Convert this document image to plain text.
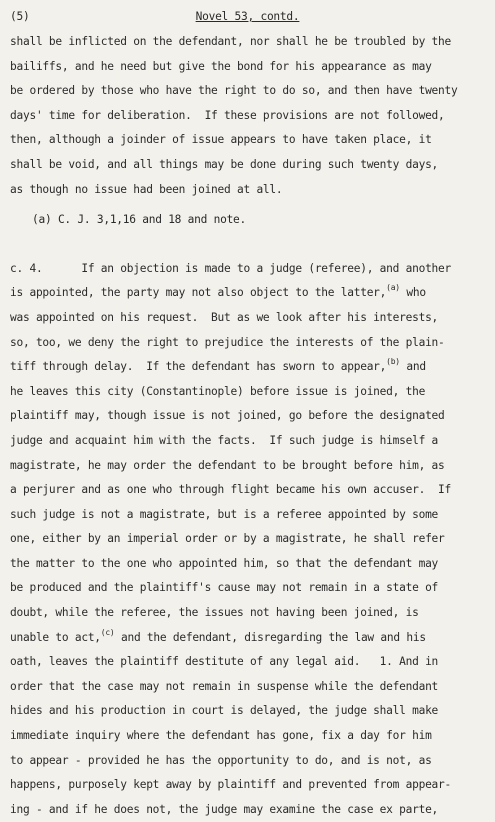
(5)	Novel 53, contd.
shall be inflicted on the defendant, nor shall he be troubled by the
bailiffs, and he need but give the bond for his appearance as may
be ordered by those who have the right to do so, and then have twenty
days' time for deliberation.  If these provisions are not followed,
then, although a joinder of issue appears to have taken place, it
shall be void, and all things may be done during such twenty days,
as though no issue had been joined at all.
(a) C. J. 3,1,16 and 18 and note.
c. 4.      If an objection is made to a judge (referee), and another
is appointed, the party may not also object to the latter,$^{(a)}$ who
was appointed on his request.  But as we look after his interests,
so, too, we deny the right to prejudice the interests of the plain-
tiff through delay.  If the defendant has sworn to appear,$^{(b)}$ and
he leaves this city (Constantinople) before issue is joined, the
plaintiff may, though issue is not joined, go before the designated
judge and acquaint him with the facts.  If such judge is himself a
magistrate, he may order the defendant to be brought before him, as
a perjurer and as one who through flight became his own accuser.  If
such judge is not a magistrate, but is a referee appointed by some
one, either by an imperial order or by a magistrate, he shall refer
the matter to the one who appointed him, so that the defendant may
be produced and the plaintiff's cause may not remain in a state of
doubt, while the referee, the issues not having been joined, is
unable to act,$^{(c)}$ and the defendant, disregarding the law and his
oath, leaves the plaintiff destitute of any legal aid.   1. And in
order that the case may not remain in suspense while the defendant
hides and his production in court is delayed, the judge shall make
immediate inquiry where the defendant has gone, fix a day for him
to appear - provided he has the opportunity to do, and is not, as
happens, purposely kept away by plaintiff and prevented from appear-
ing - and if he does not, the judge may examine the case ex parte,
